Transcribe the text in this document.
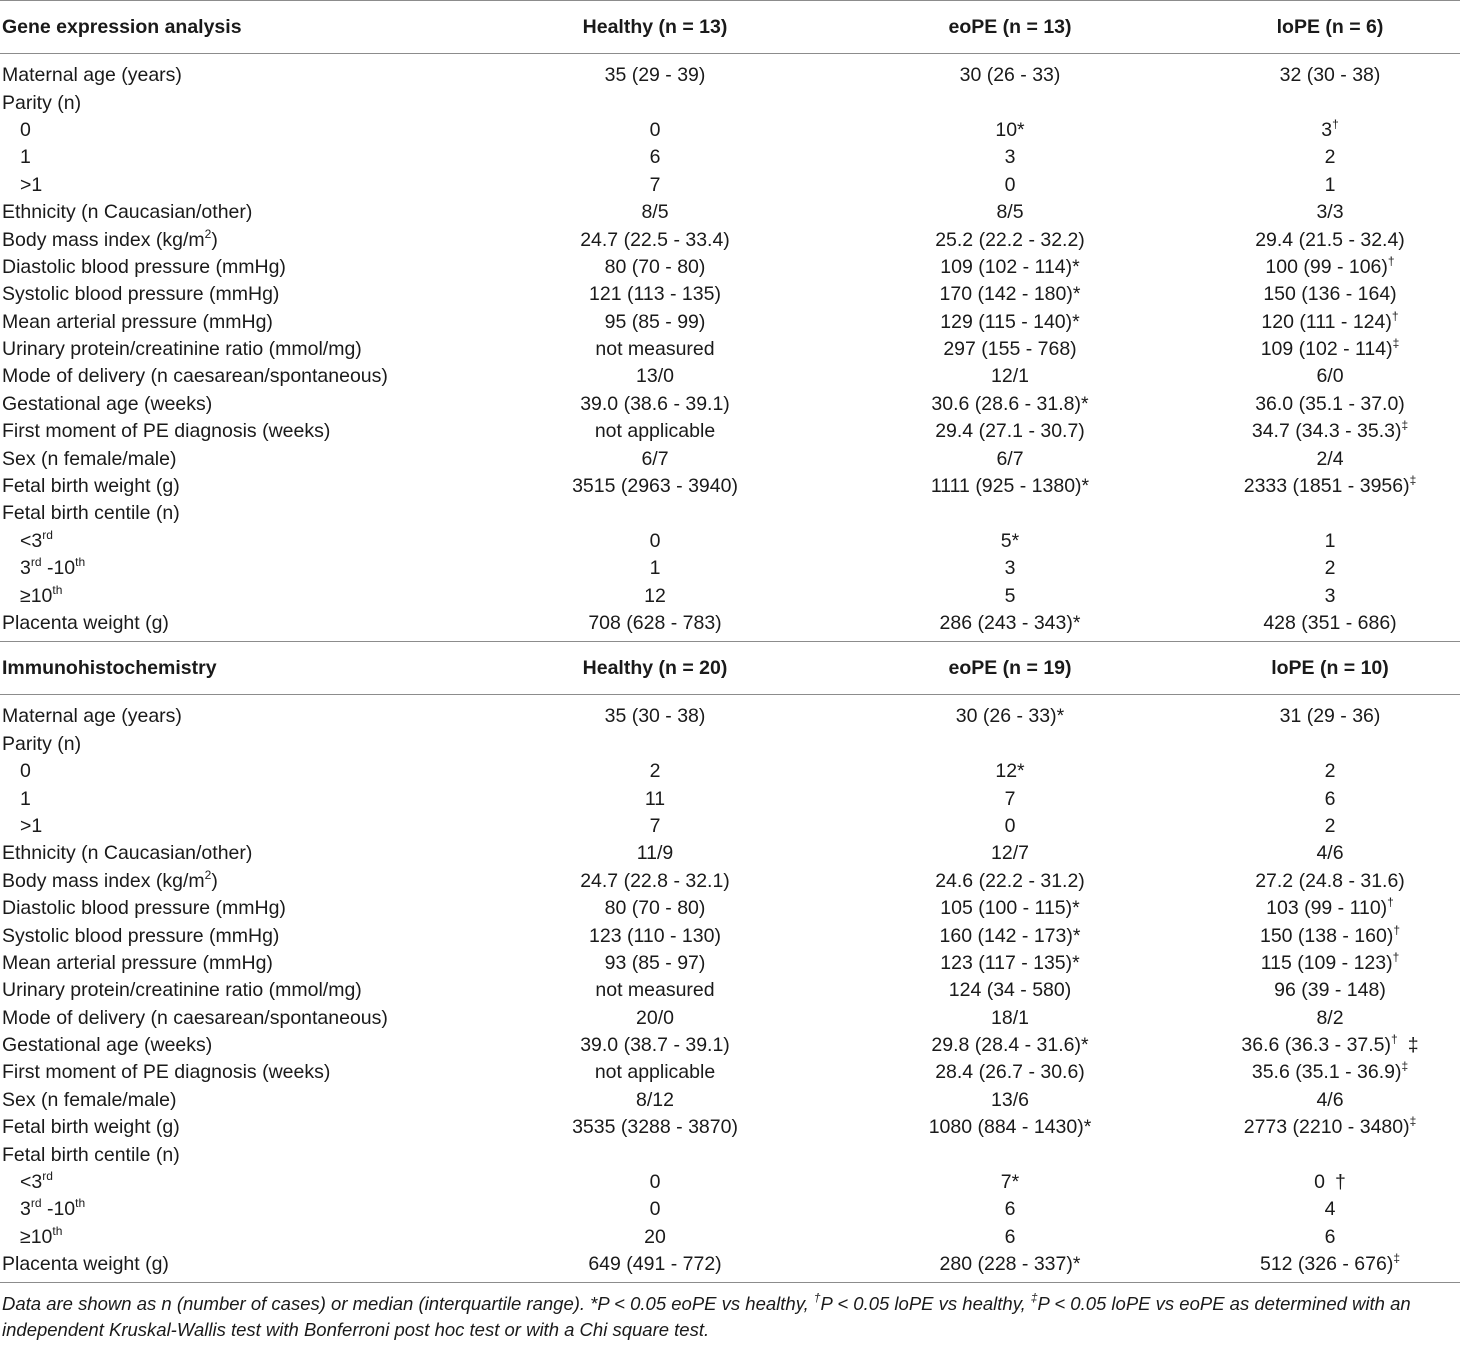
Gene expression analysis	Healthy (n = 13)	eoPE (n = 13)	loPE (n = 6)

Maternal age (years)	35 (29 - 39)	30 (26 - 33)	32 (30 - 38)
Parity (n)			
0	0	10*	3†
1	6	3	2
>1	7	0	1
Ethnicity (n Caucasian/other)	8/5	8/5	3/3
Body mass index $(kg/m^2)$	24.7 (22.5 - 33.4)	25.2 (22.2 - 32.2)	29.4 (21.5 - 32.4)
Diastolic blood pressure (mmHg)	80 (70 - 80)	109 (102 - 114)*	100 (99 - 106)†
Systolic blood pressure (mmHg)	121 (113 - 135)	170 (142 - 180)*	150 (136 - 164)
Mean arterial pressure (mmHg)	95 (85 - 99)	129 (115 - 140)*	120 (111 - 124)†
Urinary protein/creatinine ratio (mmol/mg)	not measured	297 (155 - 768)	109 (102 - 114)‡
Mode of delivery (n caesarean/spontaneous)	13/0	12/1	6/0
Gestational age (weeks)	39.0 (38.6 - 39.1)	30.6 (28.6 - 31.8)*	36.0 (35.1 - 37.0)
First moment of PE diagnosis (weeks)	not applicable	29.4 (27.1 - 30.7)	34.7 (34.3 - 35.3)‡
Sex (n female/male)	6/7	6/7	2/4
Fetal birth weight (g)	3515 (2963 - 3940)	1111 (925 - 1380)*	2333 (1851 - 3956)‡
Fetal birth centile (n)			
<3rd	0	5*	1
3rd -10th	1	3	2
≥10th	12	5	3
Placenta weight (g)	708 (628 - 783)	286 (243 - 343)*	428 (351 - 686)
Immunohistochemistry	Healthy (n = 20)	eoPE (n = 19)	loPE (n = 10)

Maternal age (years)	35 (30 - 38)	30 (26 - 33)*	31 (29 - 36)
Parity (n)			
0	2	12*	2
1	11	7	6
>1	7	0	2
Ethnicity (n Caucasian/other)	11/9	12/7	4/6
Body mass index $(kg/m^2)$	24.7 (22.8 - 32.1)	24.6 (22.2 - 31.2)	27.2 (24.8 - 31.6)
Diastolic blood pressure (mmHg)	80 (70 - 80)	105 (100 - 115)*	103 (99 - 110)†
Systolic blood pressure (mmHg)	123 (110 - 130)	160 (142 - 173)*	150 (138 - 160)†
Mean arterial pressure (mmHg)	93 (85 - 97)	123 (117 - 135)*	115 (109 - 123)†
Urinary protein/creatinine ratio (mmol/mg)	not measured	124 (34 - 580)	96 (39 - 148)
Mode of delivery (n caesarean/spontaneous)	20/0	18/1	8/2
Gestational age (weeks)	39.0 (38.7 - 39.1)	29.8 (28.4 - 31.6)*	36.6 (36.3 - 37.5)† ‡
First moment of PE diagnosis (weeks)	not applicable	28.4 (26.7 - 30.6)	35.6 (35.1 - 36.9)‡
Sex (n female/male)	8/12	13/6	4/6
Fetal birth weight (g)	3535 (3288 - 3870)	1080 (884 - 1430)*	2773 (2210 - 3480)‡
Fetal birth centile (n)			
<3rd	0	7*	0 †
3rd -10th	0	6	4
≥10th	20	6	6
Placenta weight (g)	649 (491 - 772)	280 (228 - 337)*	512 (326 - 676)‡
Data are shown as n (number of cases) or median (interquartile range). *P < 0.05 eoPE vs healthy, †P < 0.05 loPE vs healthy, ‡P < 0.05 loPE vs eoPE as determined with an independent Kruskal-Wallis test with Bonferroni post hoc test or with a Chi square test.
